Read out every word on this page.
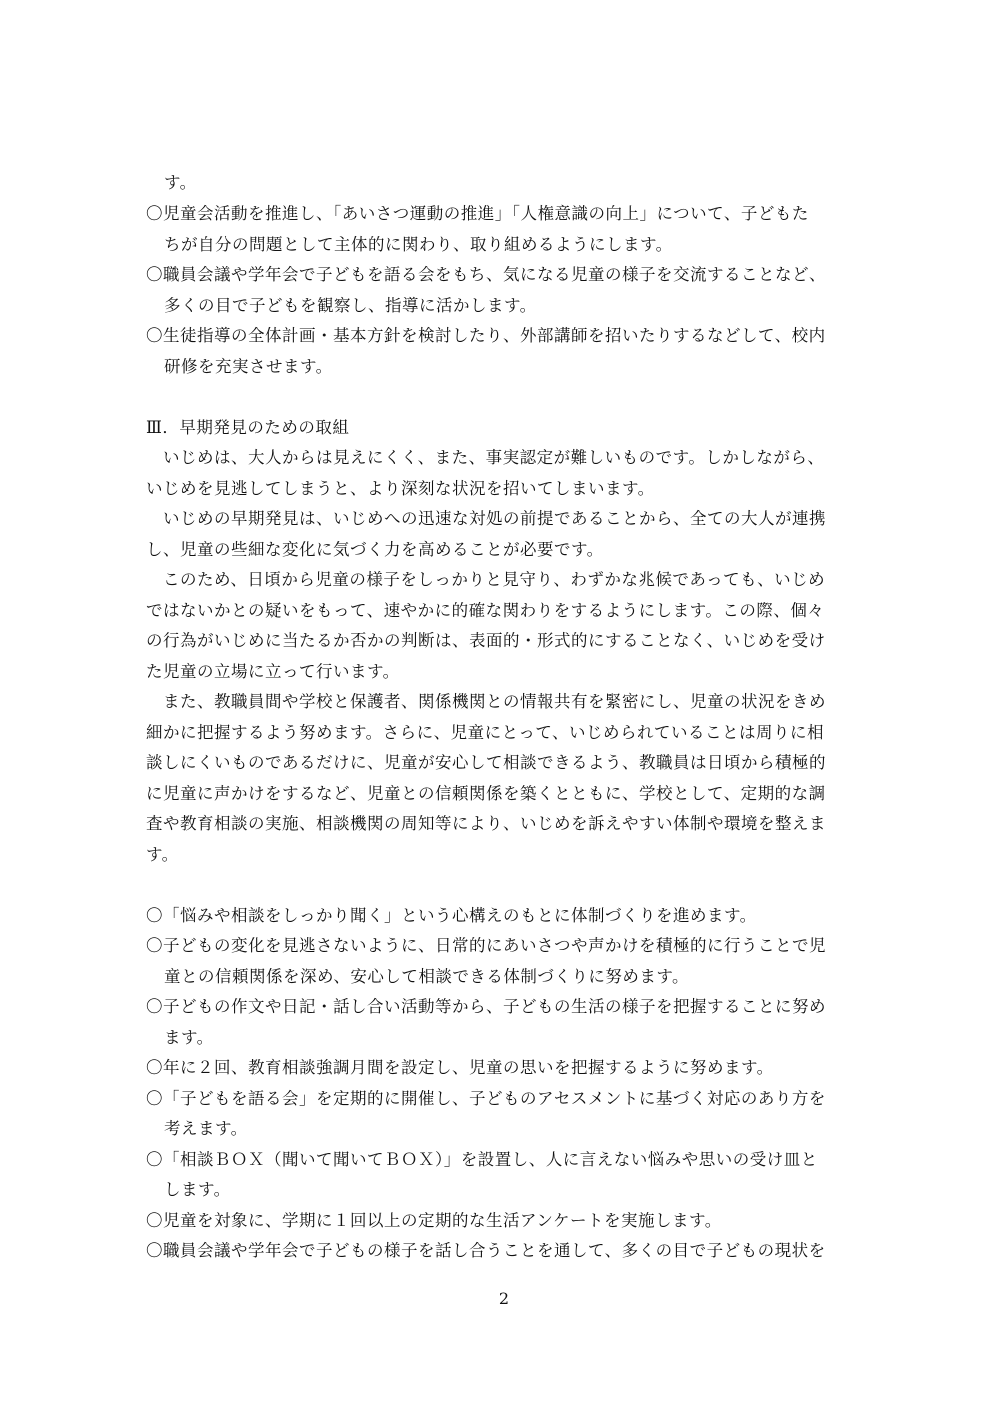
す。
〇児童会活動を推進し、「あいさつ運動の推進」「人権意識の向上」について、子どもた
ちが自分の問題として主体的に関わり、取り組めるようにします。
〇職員会議や学年会で子どもを語る会をもち、気になる児童の様子を交流することなど、
多くの目で子どもを観察し、指導に活かします。
〇生徒指導の全体計画・基本方針を検討したり、外部講師を招いたりするなどして、校内
研修を充実させます。
Ⅲ．早期発見のための取組
　いじめは、大人からは見えにくく、また、事実認定が難しいものです。しかしながら、
いじめを見逃してしまうと、より深刻な状況を招いてしまいます。
　いじめの早期発見は、いじめへの迅速な対処の前提であることから、全ての大人が連携
し、児童の些細な変化に気づく力を高めることが必要です。
　このため、日頃から児童の様子をしっかりと見守り、わずかな兆候であっても、いじめ
ではないかとの疑いをもって、速やかに的確な関わりをするようにします。この際、個々
の行為がいじめに当たるか否かの判断は、表面的・形式的にすることなく、いじめを受け
た児童の立場に立って行います。
　また、教職員間や学校と保護者、関係機関との情報共有を緊密にし、児童の状況をきめ
細かに把握するよう努めます。さらに、児童にとって、いじめられていることは周りに相
談しにくいものであるだけに、児童が安心して相談できるよう、教職員は日頃から積極的
に児童に声かけをするなど、児童との信頼関係を築くとともに、学校として、定期的な調
査や教育相談の実施、相談機関の周知等により、いじめを訴えやすい体制や環境を整えま
す。
〇「悩みや相談をしっかり聞く」という心構えのもとに体制づくりを進めます。
〇子どもの変化を見逃さないように、日常的にあいさつや声かけを積極的に行うことで児
童との信頼関係を深め、安心して相談できる体制づくりに努めます。
〇子どもの作文や日記・話し合い活動等から、子どもの生活の様子を把握することに努め
ます。
〇年に２回、教育相談強調月間を設定し、児童の思いを把握するように努めます。
〇「子どもを語る会」を定期的に開催し、子どものアセスメントに基づく対応のあり方を
考えます。
〇「相談ＢＯＸ（聞いて聞いてＢＯＸ）」を設置し、人に言えない悩みや思いの受け皿と
します。
〇児童を対象に、学期に１回以上の定期的な生活アンケートを実施します。
〇職員会議や学年会で子どもの様子を話し合うことを通して、多くの目で子どもの現状を
2
